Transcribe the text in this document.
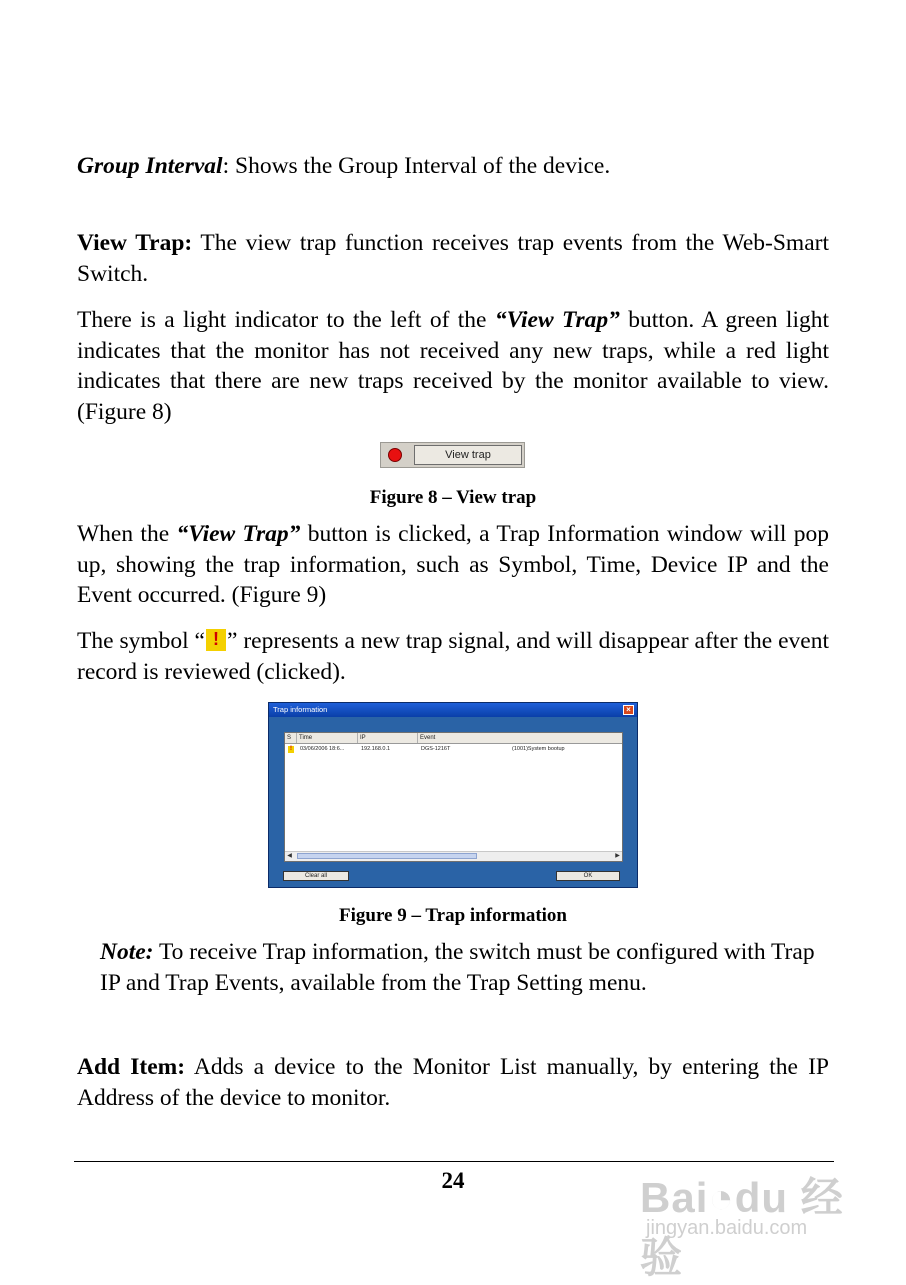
Group Interval: Shows the Group Interval of the device.

View Trap: The view trap function receives trap events from the Web-Smart Switch.

There is a light indicator to the left of the “View Trap” button. A green light indicates that the monitor has not received any new traps, while a red light indicates that there are new traps received by the monitor available to view. (Figure 8)

View trap

Figure 8 – View trap

When the “View Trap” button is clicked, a Trap Information window will pop up, showing the trap information, such as Symbol, Time, Device IP and the Event occurred. (Figure 9)

The symbol “ ! ” represents a new trap signal, and will disappear after the event record is reviewed (clicked).

Trap information	×
S	Time	IP	Event
!	03/06/2006 18:6...	192.168.0.1	DGS-1216T	(1001)System bootup
◀	▶
Clear all	OK

Figure 9 – Trap information

Note: To receive Trap information, the switch must be configured with Trap IP and Trap Events, available from the Trap Setting menu.

Add Item: Adds a device to the Monitor List manually, by entering the IP Address of the device to monitor.

24	Bai◔du 经验
jingyan.baidu.com
